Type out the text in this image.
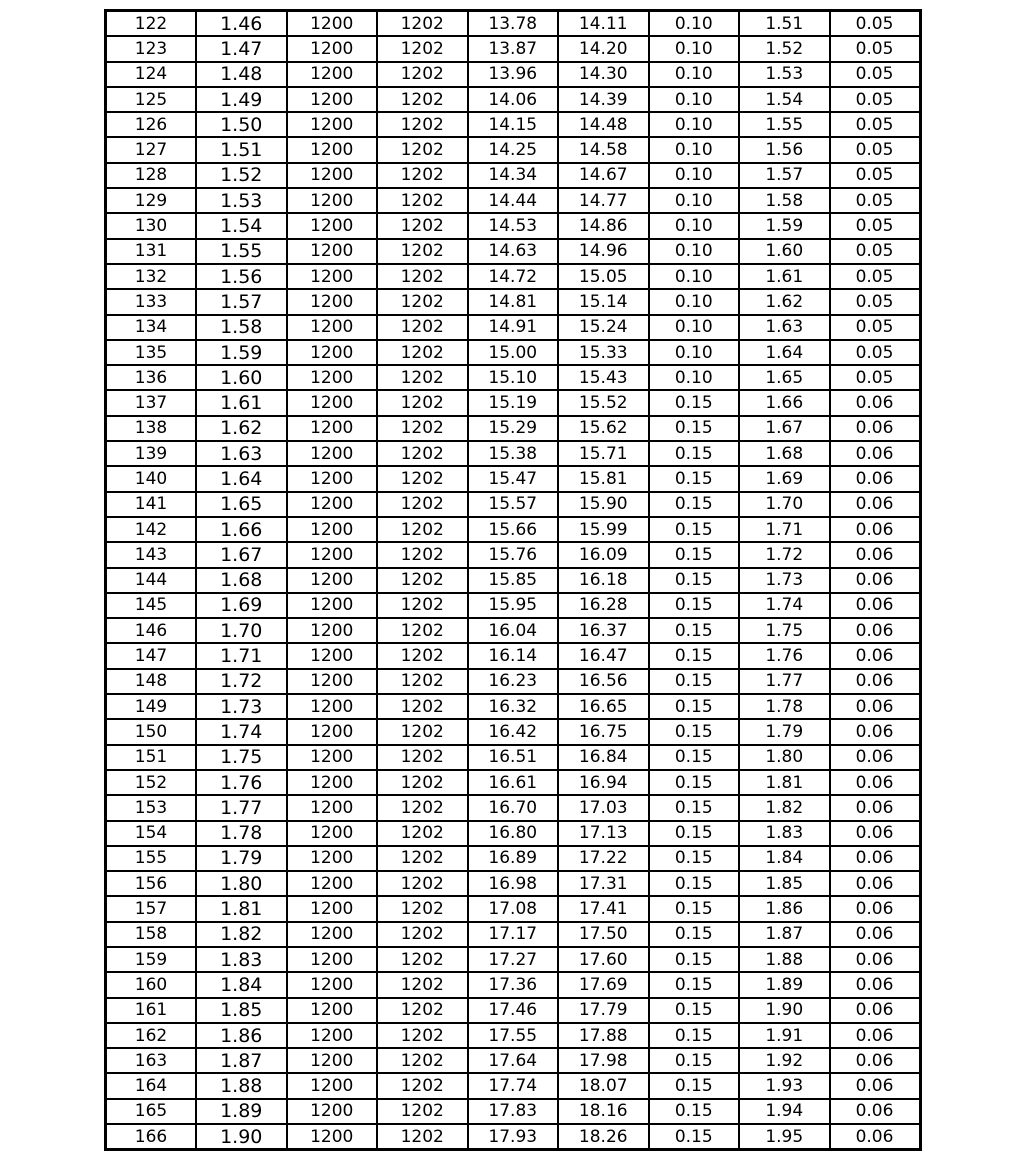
122	1.46	1200	1202	13.78	14.11	0.10	1.51	0.05
123	1.47	1200	1202	13.87	14.20	0.10	1.52	0.05
124	1.48	1200	1202	13.96	14.30	0.10	1.53	0.05
125	1.49	1200	1202	14.06	14.39	0.10	1.54	0.05
126	1.50	1200	1202	14.15	14.48	0.10	1.55	0.05
127	1.51	1200	1202	14.25	14.58	0.10	1.56	0.05
128	1.52	1200	1202	14.34	14.67	0.10	1.57	0.05
129	1.53	1200	1202	14.44	14.77	0.10	1.58	0.05
130	1.54	1200	1202	14.53	14.86	0.10	1.59	0.05
131	1.55	1200	1202	14.63	14.96	0.10	1.60	0.05
132	1.56	1200	1202	14.72	15.05	0.10	1.61	0.05
133	1.57	1200	1202	14.81	15.14	0.10	1.62	0.05
134	1.58	1200	1202	14.91	15.24	0.10	1.63	0.05
135	1.59	1200	1202	15.00	15.33	0.10	1.64	0.05
136	1.60	1200	1202	15.10	15.43	0.10	1.65	0.05
137	1.61	1200	1202	15.19	15.52	0.15	1.66	0.06
138	1.62	1200	1202	15.29	15.62	0.15	1.67	0.06
139	1.63	1200	1202	15.38	15.71	0.15	1.68	0.06
140	1.64	1200	1202	15.47	15.81	0.15	1.69	0.06
141	1.65	1200	1202	15.57	15.90	0.15	1.70	0.06
142	1.66	1200	1202	15.66	15.99	0.15	1.71	0.06
143	1.67	1200	1202	15.76	16.09	0.15	1.72	0.06
144	1.68	1200	1202	15.85	16.18	0.15	1.73	0.06
145	1.69	1200	1202	15.95	16.28	0.15	1.74	0.06
146	1.70	1200	1202	16.04	16.37	0.15	1.75	0.06
147	1.71	1200	1202	16.14	16.47	0.15	1.76	0.06
148	1.72	1200	1202	16.23	16.56	0.15	1.77	0.06
149	1.73	1200	1202	16.32	16.65	0.15	1.78	0.06
150	1.74	1200	1202	16.42	16.75	0.15	1.79	0.06
151	1.75	1200	1202	16.51	16.84	0.15	1.80	0.06
152	1.76	1200	1202	16.61	16.94	0.15	1.81	0.06
153	1.77	1200	1202	16.70	17.03	0.15	1.82	0.06
154	1.78	1200	1202	16.80	17.13	0.15	1.83	0.06
155	1.79	1200	1202	16.89	17.22	0.15	1.84	0.06
156	1.80	1200	1202	16.98	17.31	0.15	1.85	0.06
157	1.81	1200	1202	17.08	17.41	0.15	1.86	0.06
158	1.82	1200	1202	17.17	17.50	0.15	1.87	0.06
159	1.83	1200	1202	17.27	17.60	0.15	1.88	0.06
160	1.84	1200	1202	17.36	17.69	0.15	1.89	0.06
161	1.85	1200	1202	17.46	17.79	0.15	1.90	0.06
162	1.86	1200	1202	17.55	17.88	0.15	1.91	0.06
163	1.87	1200	1202	17.64	17.98	0.15	1.92	0.06
164	1.88	1200	1202	17.74	18.07	0.15	1.93	0.06
165	1.89	1200	1202	17.83	18.16	0.15	1.94	0.06
166	1.90	1200	1202	17.93	18.26	0.15	1.95	0.06
